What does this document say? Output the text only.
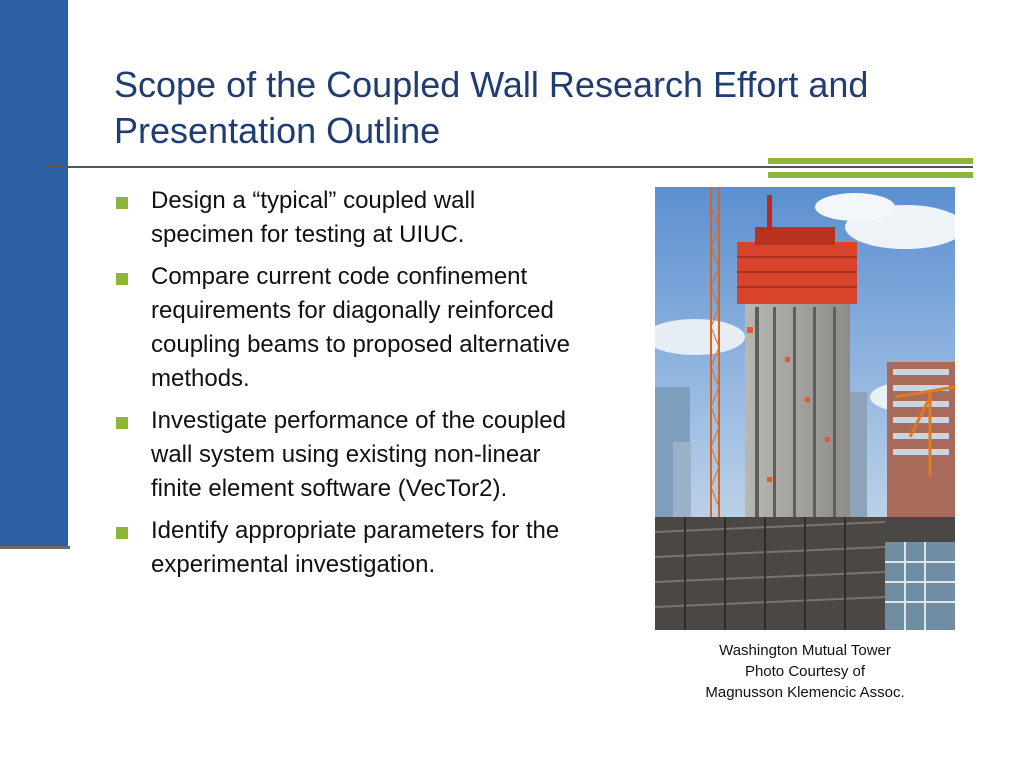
Scope of the Coupled Wall Research Effort and Presentation Outline
Design a “typical” coupled wall specimen for testing at UIUC.
Compare current code confinement requirements for diagonally reinforced coupling beams to proposed alternative methods.
Investigate performance of the coupled wall system using existing non-linear finite element software (VecTor2).
Identify appropriate parameters for the experimental investigation.
Washington Mutual Tower
Photo Courtesy of
Magnusson Klemencic Assoc.
